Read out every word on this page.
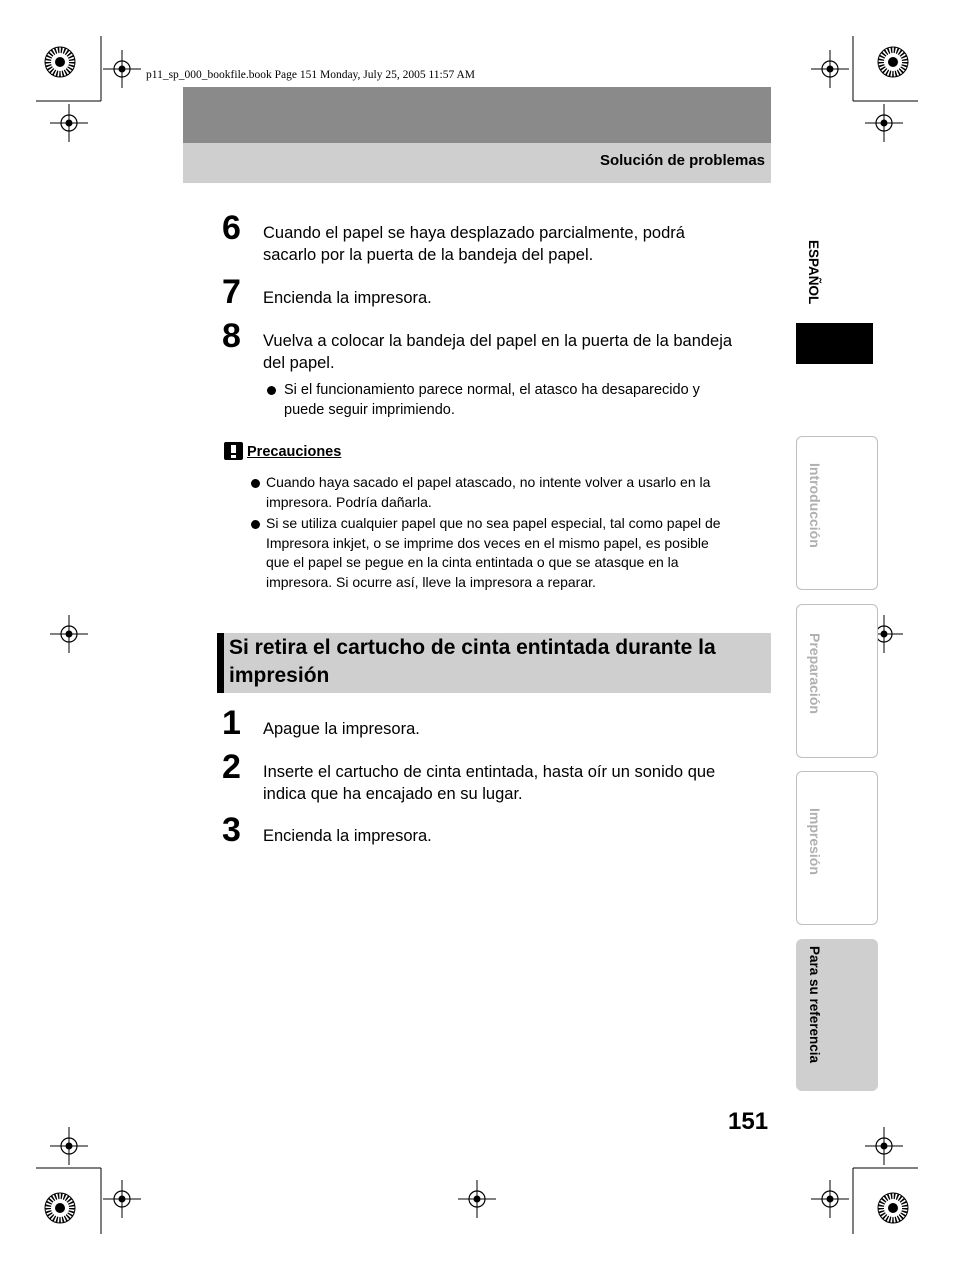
p11_sp_000_bookfile.book Page 151 Monday, July 25, 2005 11:57 AM
Solución de problemas
6 Cuando el papel se haya desplazado parcialmente, podrá
sacarlo por la puerta de la bandeja del papel.
7 Encienda la impresora.
8 Vuelva a colocar la bandeja del papel en la puerta de la bandeja
del papel.
Si el funcionamiento parece normal, el atasco ha desaparecido y
puede seguir imprimiendo.
Precauciones
Cuando haya sacado el papel atascado, no intente volver a usarlo en la
impresora. Podría dañarla.
Si se utiliza cualquier papel que no sea papel especial, tal como papel de
Impresora inkjet, o se imprime dos veces en el mismo papel, es posible
que el papel se pegue en la cinta entintada o que se atasque en la
impresora. Si ocurre así, lleve la impresora a reparar.
Si retira el cartucho de cinta entintada durante la
impresión
1 Apague la impresora.
2 Inserte el cartucho de cinta entintada, hasta oír un sonido que
indica que ha encajado en su lugar.
3 Encienda la impresora.
ESPAÑOL
Introducción
Preparación
Impresión
Para su referencia
151
